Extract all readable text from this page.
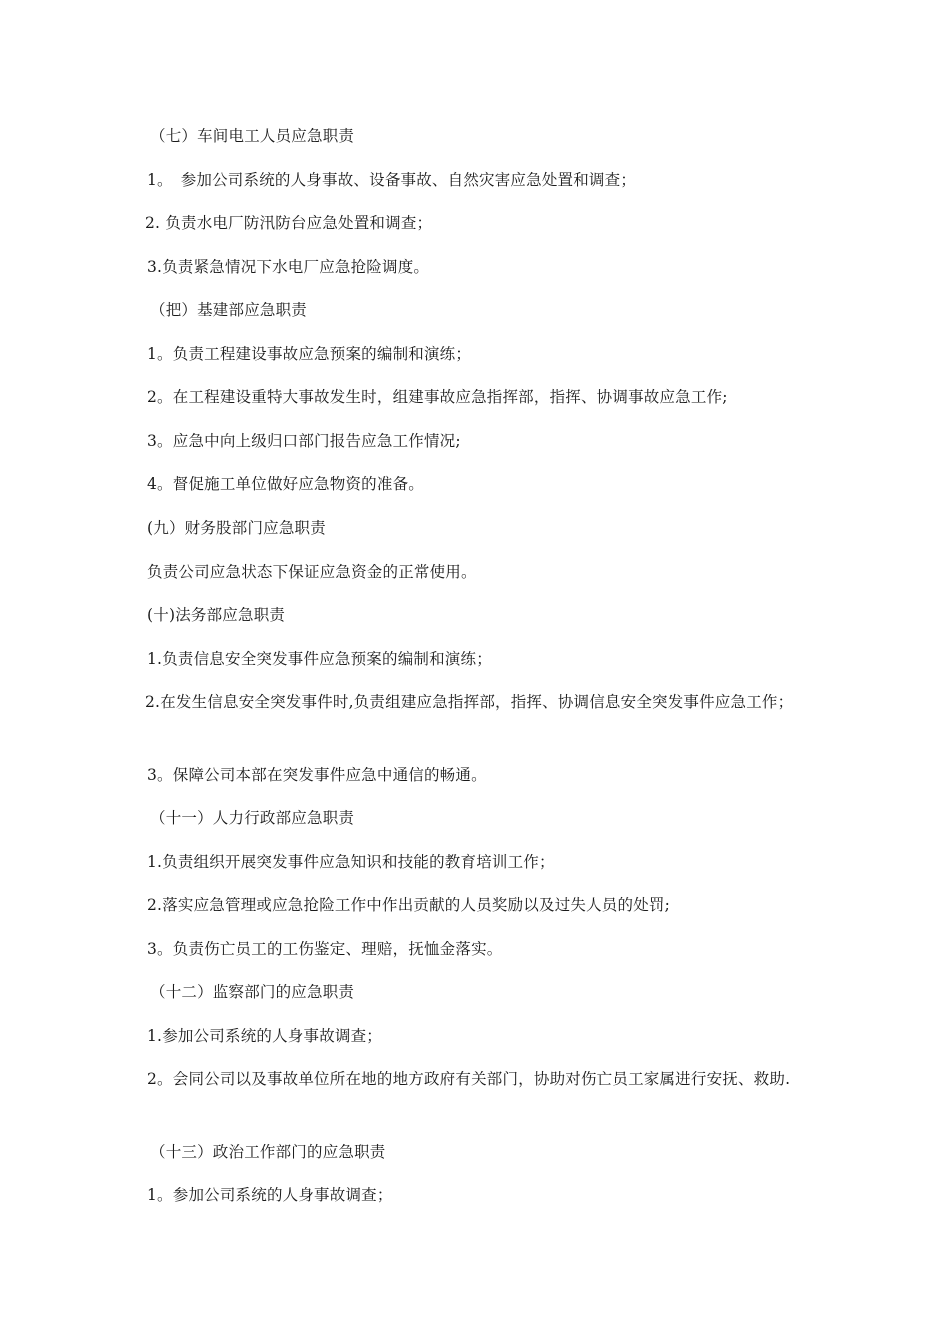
（七）车间电工人员应急职责
1。　参加公司系统的人身事故、设备事故、自然灾害应急处置和调查；
2. 负责水电厂防汛防台应急处置和调查；
3.负责紧急情况下水电厂应急抢险调度。
（把）基建部应急职责
1。负责工程建设事故应急预案的编制和演练；
2。在工程建设重特大事故发生时，组建事故应急指挥部，指挥、协调事故应急工作;
3。应急中向上级归口部门报告应急工作情况;
4。督促施工单位做好应急物资的准备。
(九）财务股部门应急职责
负责公司应急状态下保证应急资金的正常使用。
(十)法务部应急职责
1.负责信息安全突发事件应急预案的编制和演练；
2.在发生信息安全突发事件时,负责组建应急指挥部，指挥、协调信息安全突发事件应急工作；
3。保障公司本部在突发事件应急中通信的畅通。
（十一）人力行政部应急职责
1.负责组织开展突发事件应急知识和技能的教育培训工作；
2.落实应急管理或应急抢险工作中作出贡献的人员奖励以及过失人员的处罚;
3。负责伤亡员工的工伤鉴定、理赔，抚恤金落实。
（十二）监察部门的应急职责
1.参加公司系统的人身事故调查；
2。会同公司以及事故单位所在地的地方政府有关部门，协助对伤亡员工家属进行安抚、救助.
（十三）政治工作部门的应急职责
1。参加公司系统的人身事故调查；
